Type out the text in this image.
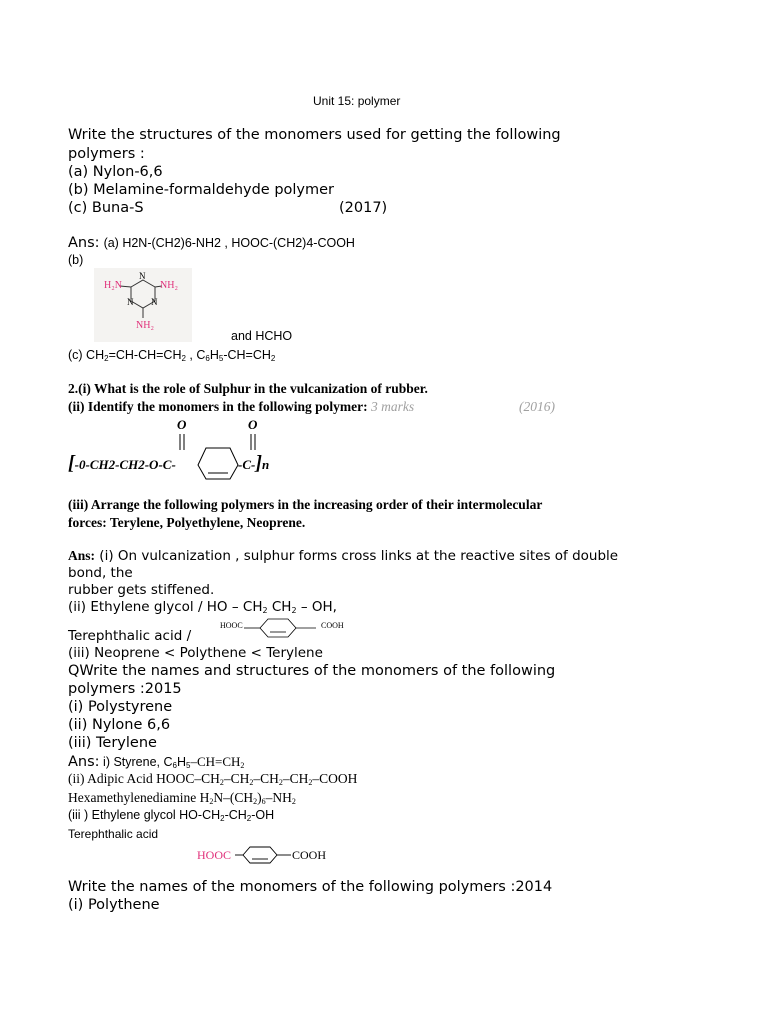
Unit 15: polymer
Write the structures of the monomers used for getting the following
polymers :
(a) Nylon-6,6
(b) Melamine-formaldehyde polymer
(c) Buna-S	(2017)
Ans: (a) H2N-(CH2)6-NH2 , HOOC-(CH2)4-COOH
(b)
H₂N	NH₂
NH₂
N
N N
and HCHO
(c) $CH_2=CH-CH=CH_2$ , $C_6H_5-CH=CH_2$
2.(i) What is the role of Sulphur in the vulcanization of rubber.
(ii) Identify the monomers in the following polymer: 3 marks	(2016)
O	O
[-0-CH2-CH2-O-C-	-C-]n
(iii) Arrange the following polymers in the increasing order of their intermolecular
forces: Terylene, Polyethylene, Neoprene.
Ans: (i) On vulcanization , sulphur forms cross links at the reactive sites of double
bond, the
rubber gets stiffened.
(ii) Ethylene glycol / HO – $CH_2$ $CH_2$ – OH,
Terephthalic acid /
HOOC	COOH
(iii) Neoprene < Polythene < Terylene
QWrite the names and structures of the monomers of the following
polymers :2015
(i) Polystyrene
(ii) Nylone 6,6
(iii) Terylene
Ans: i) Styrene, $C_6H_5-CH=CH_2$
(ii) Adipic Acid HOOC–$CH_2-CH_2-CH_2-CH_2$–COOH
Hexamethylenediamine $H_2N-(CH_2)_6-NH_2$
(iii ) Ethylene glycol $HO-CH_2-CH_2-OH$
Terephthalic acid
HOOC	COOH
Write the names of the monomers of the following polymers :2014
(i) Polythene
